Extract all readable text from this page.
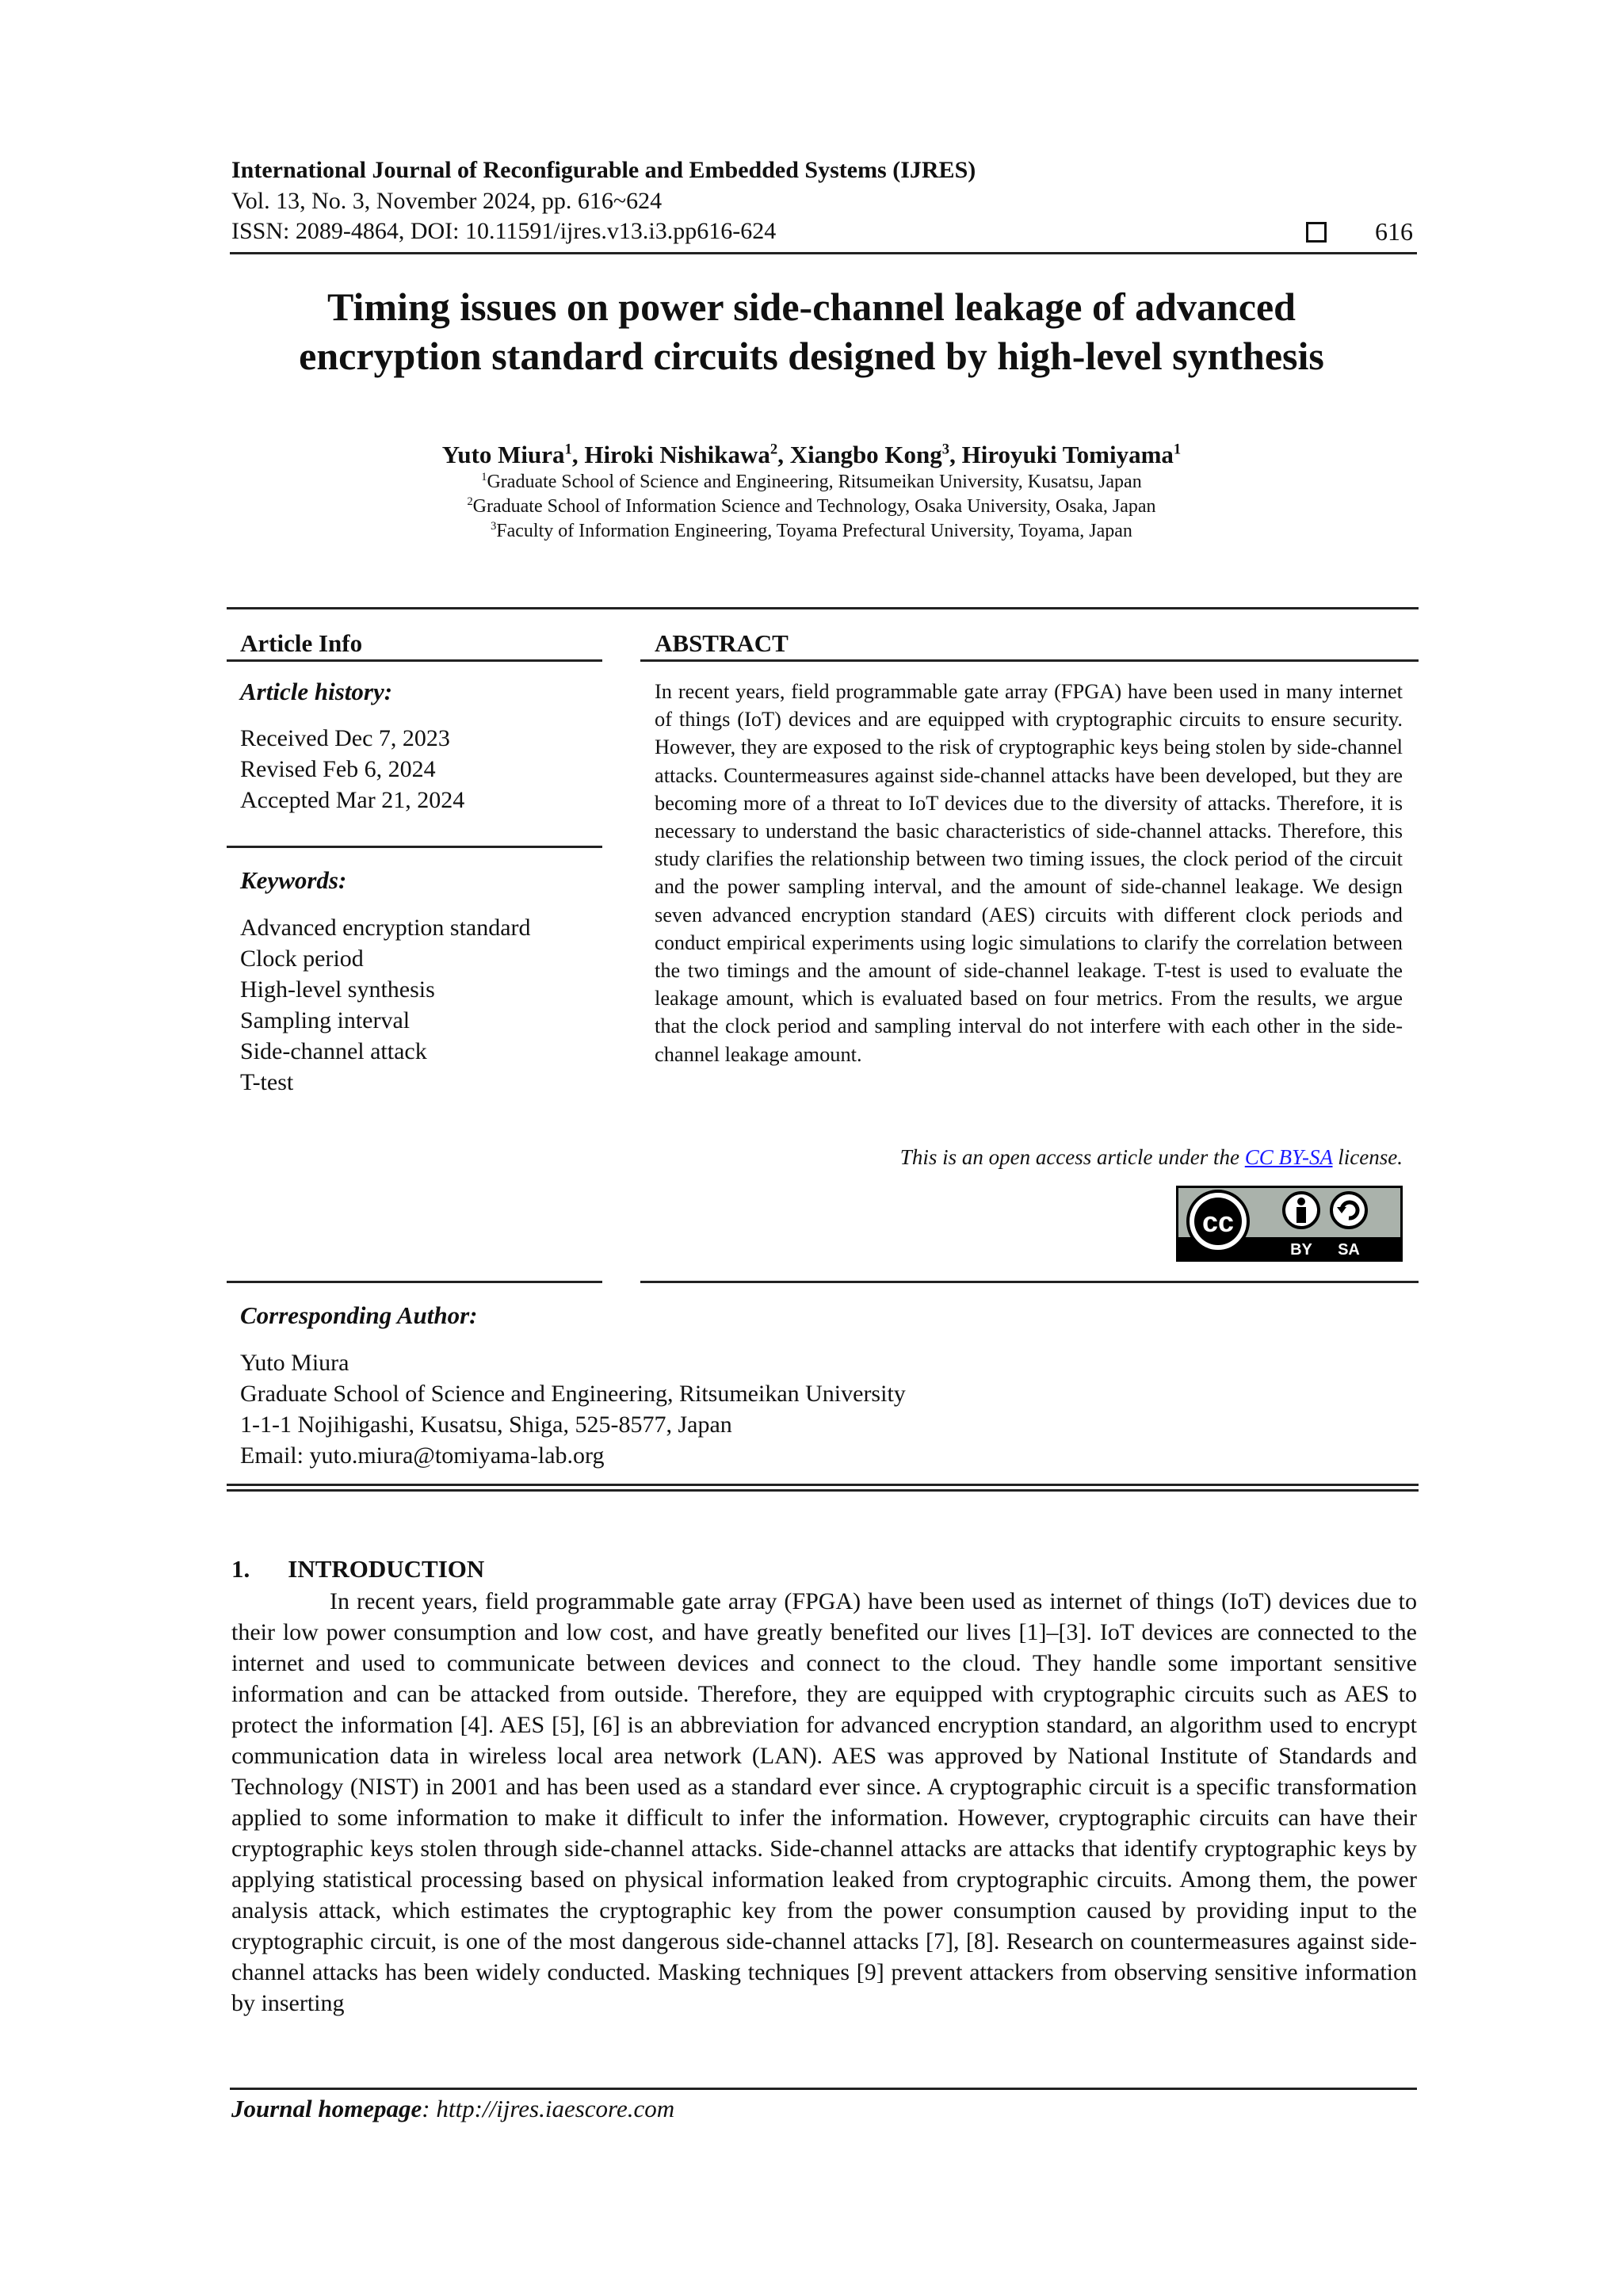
International Journal of Reconfigurable and Embedded Systems (IJRES)
Vol. 13, No. 3, November 2024, pp. 616~624
ISSN: 2089-4864, DOI: 10.11591/ijres.v13.i3.pp616-624	616
Timing issues on power side-channel leakage of advanced
encryption standard circuits designed by high-level synthesis
Yuto Miura$^1$, Hiroki Nishikawa$^2$, Xiangbo Kong$^3$, Hiroyuki Tomiyama$^1$
$^1$Graduate School of Science and Engineering, Ritsumeikan University, Kusatsu, Japan
$^2$Graduate School of Information Science and Technology, Osaka University, Osaka, Japan
$^3$Faculty of Information Engineering, Toyama Prefectural University, Toyama, Japan
Article Info
Article history:
Received Dec 7, 2023
Revised Feb 6, 2024
Accepted Mar 21, 2024
Keywords:
Advanced encryption standard
Clock period
High-level synthesis
Sampling interval
Side-channel attack
T-test
ABSTRACT
In recent years, field programmable gate array (FPGA) have been used in many internet of things (IoT) devices and are equipped with cryptographic circuits to ensure security. However, they are exposed to the risk of cryptographic keys being stolen by side-channel attacks. Countermeasures against side-channel attacks have been developed, but they are becoming more of a threat to IoT devices due to the diversity of attacks. Therefore, it is necessary to understand the basic characteristics of side-channel attacks. Therefore, this study clarifies the relationship between two timing issues, the clock period of the circuit and the power sampling interval, and the amount of side-channel leakage. We design seven advanced encryption standard (AES) circuits with different clock periods and conduct empirical experiments using logic simulations to clarify the correlation between the two timings and the amount of side-channel leakage. T-test is used to evaluate the leakage amount, which is evaluated based on four metrics. From the results, we argue that the clock period and sampling interval do not interfere with each other in the side-channel leakage amount.
This is an open access article under the CC BY-SA license.
cc
BY SA
Corresponding Author:
Yuto Miura
Graduate School of Science and Engineering, Ritsumeikan University
1-1-1 Nojihigashi, Kusatsu, Shiga, 525-8577, Japan
Email: yuto.miura@tomiyama-lab.org
1. INTRODUCTION
In recent years, field programmable gate array (FPGA) have been used as internet of things (IoT) devices due to their low power consumption and low cost, and have greatly benefited our lives [1]–[3]. IoT devices are connected to the internet and used to communicate between devices and connect to the cloud. They handle some important sensitive information and can be attacked from outside. Therefore, they are equipped with cryptographic circuits such as AES to protect the information [4]. AES [5], [6] is an abbreviation for advanced encryption standard, an algorithm used to encrypt communication data in wireless local area network (LAN). AES was approved by National Institute of Standards and Technology (NIST) in 2001 and has been used as a standard ever since. A cryptographic circuit is a specific transformation applied to some information to make it difficult to infer the information. However, cryptographic circuits can have their cryptographic keys stolen through side-channel attacks. Side-channel attacks are attacks that identify cryptographic keys by applying statistical processing based on physical information leaked from cryptographic circuits. Among them, the power analysis attack, which estimates the cryptographic key from the power consumption caused by providing input to the cryptographic circuit, is one of the most dangerous side-channel attacks [7], [8]. Research on countermeasures against side-channel attacks has been widely conducted. Masking techniques [9] prevent attackers from observing sensitive information by inserting
Journal homepage: http://ijres.iaescore.com
